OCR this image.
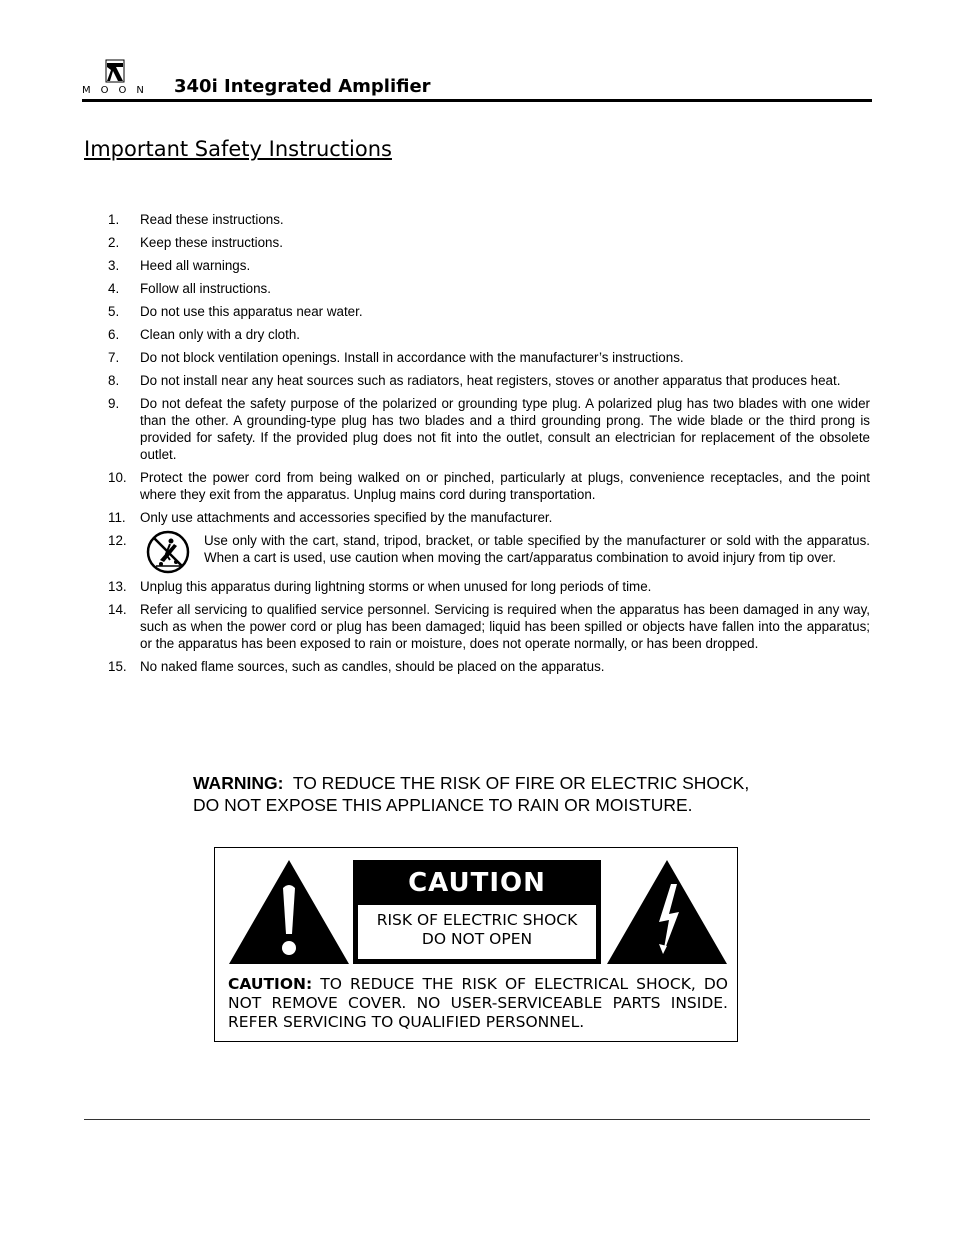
MOON 340i Integrated Amplifier
Important Safety Instructions
1.	Read these instructions.
2.	Keep these instructions.
3.	Heed all warnings.
4.	Follow all instructions.
5.	Do not use this apparatus near water.
6.	Clean only with a dry cloth.
7.	Do not block ventilation openings. Install in accordance with the manufacturer’s instructions.
8.	Do not install near any heat sources such as radiators, heat registers, stoves or another apparatus that produces heat.
9.	Do not defeat the safety purpose of the polarized or grounding type plug. A polarized plug has two blades with one wider than the other. A grounding-type plug has two blades and a third grounding prong. The wide blade or the third prong is provided for safety. If the provided plug does not fit into the outlet, consult an electrician for replacement of the obsolete outlet.
10. Protect the power cord from being walked on or pinched, particularly at plugs, convenience receptacles, and the point where they exit from the apparatus. Unplug mains cord during transportation.
11.	Only use attachments and accessories specified by the manufacturer.
12.	Use only with the cart, stand, tripod, bracket, or table specified by the manufacturer or sold with the apparatus. When a cart is used, use caution when moving the cart/apparatus combination to avoid injury from tip over.
13. Unplug this apparatus during lightning storms or when unused for long periods of time.
14. Refer all servicing to qualified service personnel. Servicing is required when the apparatus has been damaged in any way, such as when the power cord or plug has been damaged; liquid has been spilled or objects have fallen into the apparatus; or the apparatus has been exposed to rain or moisture, does not operate normally, or has been dropped.
15. No naked flame sources, such as candles, should be placed on the apparatus.
WARNING: TO REDUCE THE RISK OF FIRE OR ELECTRIC SHOCK,
DO NOT EXPOSE THIS APPLIANCE TO RAIN OR MOISTURE.
CAUTION
RISK OF ELECTRIC SHOCK
DO NOT OPEN
CAUTION: TO REDUCE THE RISK OF ELECTRICAL SHOCK, DO NOT REMOVE COVER. NO USER-SERVICEABLE PARTS INSIDE. REFER SERVICING TO QUALIFIED PERSONNEL.
